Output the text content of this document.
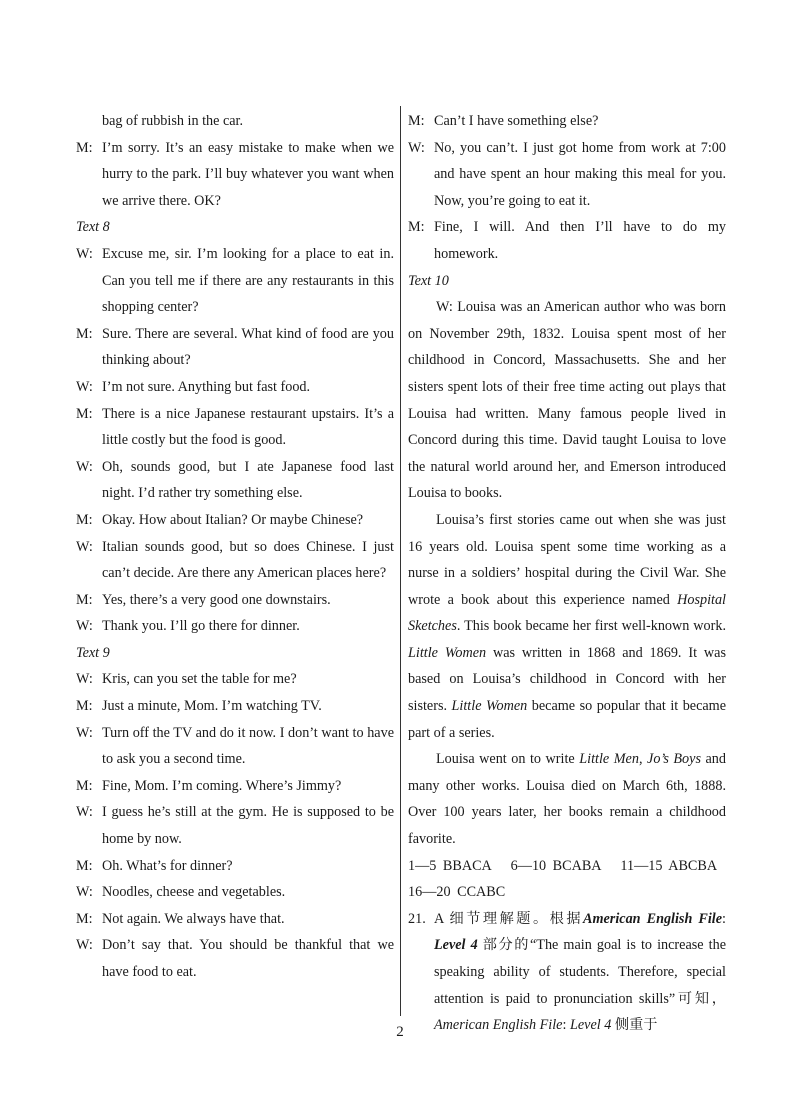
bag of rubbish in the car.
M: I’m sorry. It’s an easy mistake to make when we hurry to the park. I’ll buy whatever you want when we arrive there. OK?
Text 8
W: Excuse me, sir. I’m looking for a place to eat in. Can you tell me if there are any restaurants in this shopping center?
M: Sure. There are several. What kind of food are you thinking about?
W: I’m not sure. Anything but fast food.
M: There is a nice Japanese restaurant upstairs. It’s a little costly but the food is good.
W: Oh, sounds good, but I ate Japanese food last night. I’d rather try something else.
M: Okay. How about Italian? Or maybe Chinese?
W: Italian sounds good, but so does Chinese. I just can’t decide. Are there any American places here?
M: Yes, there’s a very good one downstairs.
W: Thank you. I’ll go there for dinner.
Text 9
W: Kris, can you set the table for me?
M: Just a minute, Mom. I’m watching TV.
W: Turn off the TV and do it now. I don’t want to have to ask you a second time.
M: Fine, Mom. I’m coming. Where’s Jimmy?
W: I guess he’s still at the gym. He is supposed to be home by now.
M: Oh. What’s for dinner?
W: Noodles, cheese and vegetables.
M: Not again. We always have that.
W: Don’t say that. You should be thankful that we have food to eat.
M: Can’t I have something else?
W: No, you can’t. I just got home from work at 7:00 and have spent an hour making this meal for you. Now, you’re going to eat it.
M: Fine, I will. And then I’ll have to do my homework.
Text 10
W: Louisa was an American author who was born on November 29th, 1832. Louisa spent most of her childhood in Concord, Massachusetts. She and her sisters spent lots of their free time acting out plays that Louisa had written. Many famous people lived in Concord during this time. David taught Louisa to love the natural world around her, and Emerson introduced Louisa to books.
Louisa’s first stories came out when she was just 16 years old. Louisa spent some time working as a nurse in a soldiers’ hospital during the Civil War. She wrote a book about this experience named Hospital Sketches. This book became her first well-known work. Little Women was written in 1868 and 1869. It was based on Louisa’s childhood in Concord with her sisters. Little Women became so popular that it became part of a series.
Louisa went on to write Little Men, Jo’s Boys and many other works. Louisa died on March 6th, 1888. Over 100 years later, her books remain a childhood favorite.
1—5 BBACA   6—10 BCABA   11—15 ABCBA
16—20 CCABC
21. A 细节理解题。根据American English File: Level 4 部分的“The main goal is to increase the speaking ability of students. Therefore, special attention is paid to pronunciation skills”可知，American English File: Level 4 侧重于
2
